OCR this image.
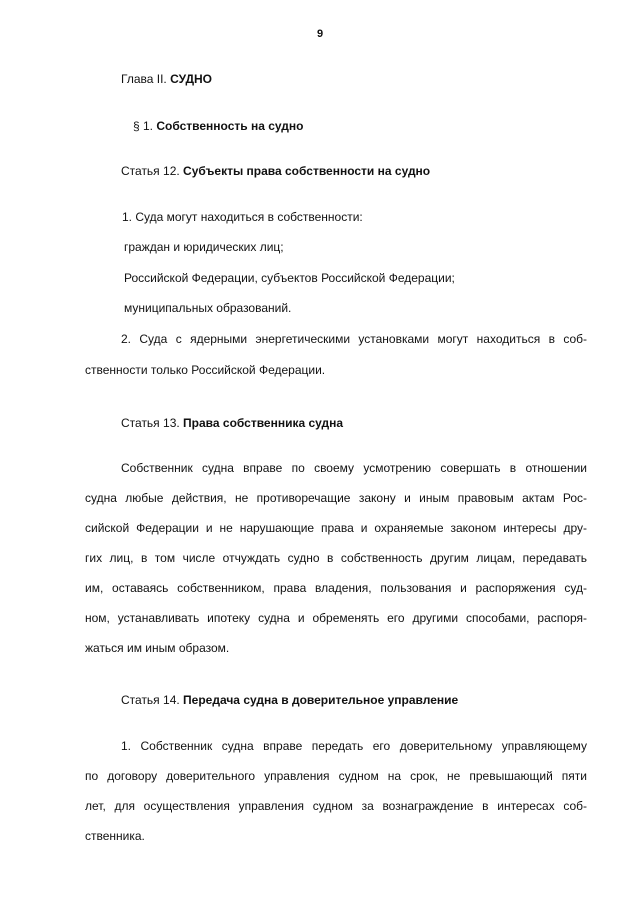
9
Глава II. СУДНО
§ 1. Собственность на судно
Статья 12. Субъекты права собственности на судно
1. Суда могут находиться в собственности:
граждан и юридических лиц;
Российской Федерации, субъектов Российской Федерации;
муниципальных образований.
2. Суда с ядерными энергетическими установками могут находиться в соб-
ственности только Российской Федерации.
Статья 13. Права собственника судна
Собственник судна вправе по своему усмотрению совершать в отношении
судна любые действия, не противоречащие закону и иным правовым актам Рос-
сийской Федерации и не нарушающие права и охраняемые законом интересы дру-
гих лиц, в том числе отчуждать судно в собственность другим лицам, передавать
им, оставаясь собственником, права владения, пользования и распоряжения суд-
ном, устанавливать ипотеку судна и обременять его другими способами, распоря-
жаться им иным образом.
Статья 14. Передача судна в доверительное управление
1. Собственник судна вправе передать его доверительному управляющему
по договору доверительного управления судном на срок, не превышающий пяти
лет, для осуществления управления судном за вознаграждение в интересах соб-
ственника.
